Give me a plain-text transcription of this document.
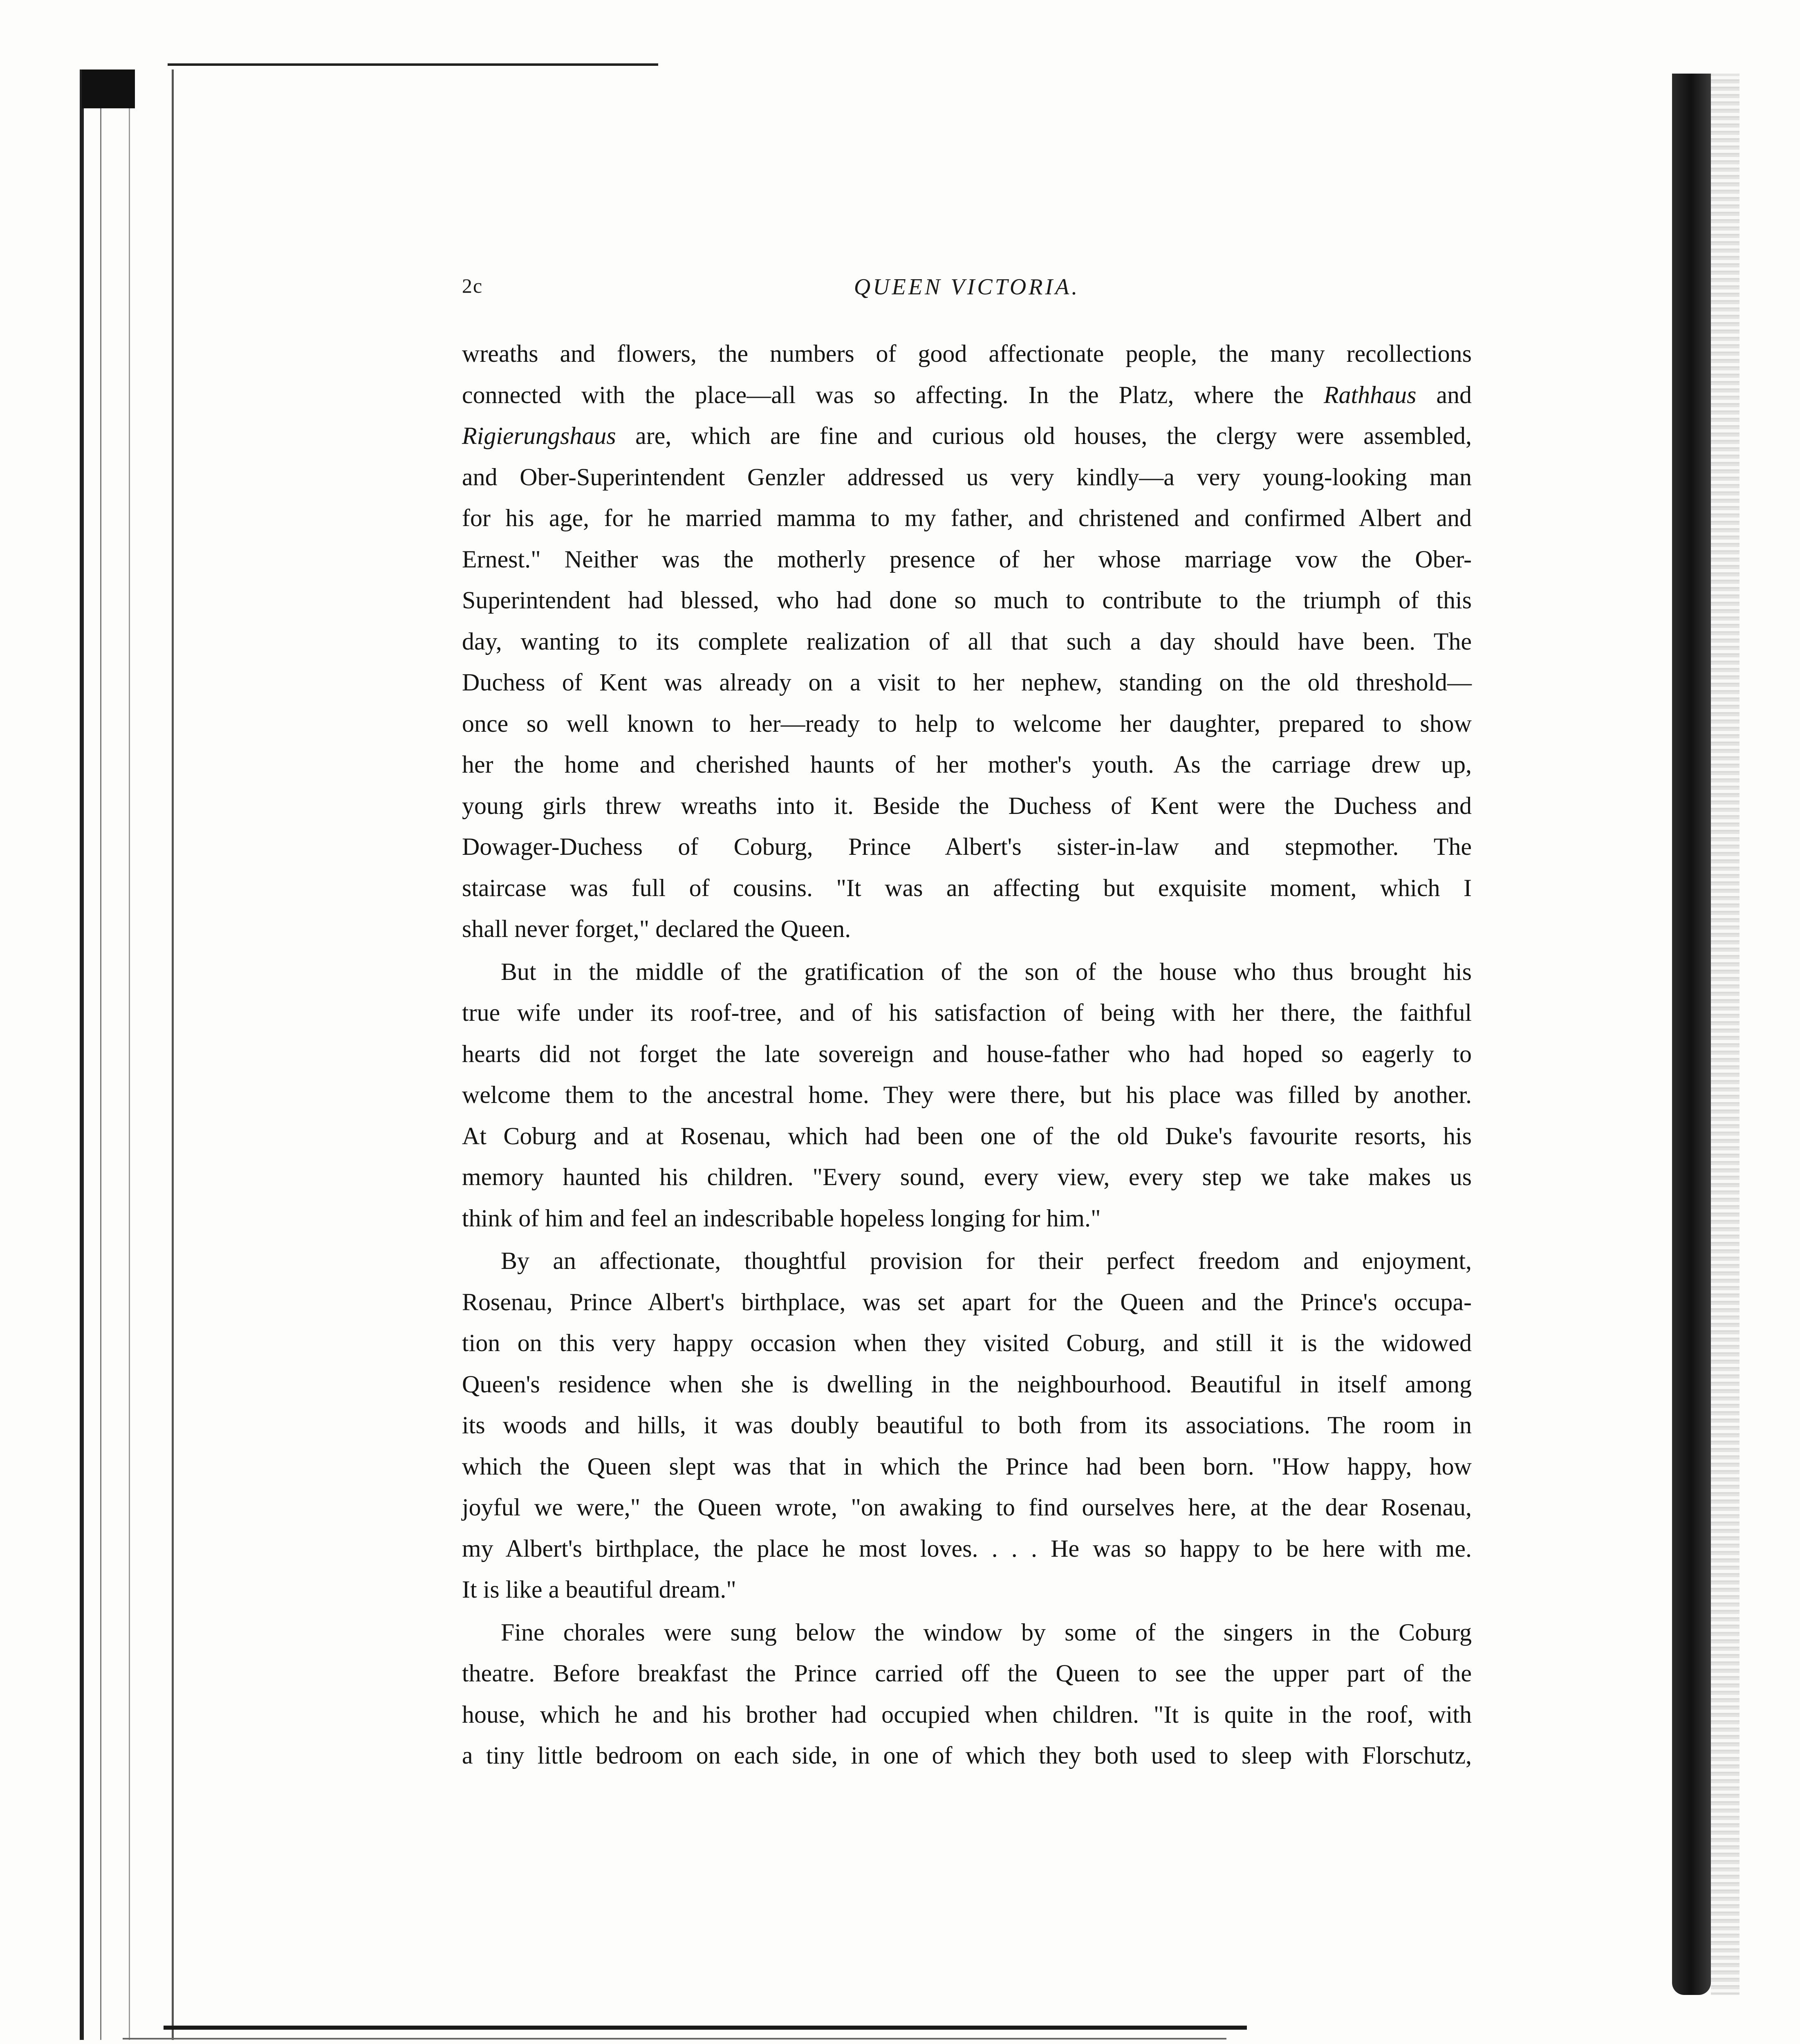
2c	QUEEN VICTORIA.
wreaths and flowers, the numbers of good affectionate people, the many recollections
connected with the place—all was so affecting. In the Platz, where the Rathhaus and
Rigierungshaus are, which are fine and curious old houses, the clergy were assembled,
and Ober-Superintendent Genzler addressed us very kindly—a very young-looking man
for his age, for he married mamma to my father, and christened and confirmed Albert and
Ernest." Neither was the motherly presence of her whose marriage vow the Ober-
Superintendent had blessed, who had done so much to contribute to the triumph of this
day, wanting to its complete realization of all that such a day should have been. The
Duchess of Kent was already on a visit to her nephew, standing on the old threshold—
once so well known to her—ready to help to welcome her daughter, prepared to show
her the home and cherished haunts of her mother's youth. As the carriage drew up,
young girls threw wreaths into it. Beside the Duchess of Kent were the Duchess and
Dowager-Duchess of Coburg, Prince Albert's sister-in-law and stepmother. The
staircase was full of cousins. "It was an affecting but exquisite moment, which I
shall never forget," declared the Queen.
But in the middle of the gratification of the son of the house who thus brought his
true wife under its roof-tree, and of his satisfaction of being with her there, the faithful
hearts did not forget the late sovereign and house-father who had hoped so eagerly to
welcome them to the ancestral home. They were there, but his place was filled by another.
At Coburg and at Rosenau, which had been one of the old Duke's favourite resorts, his
memory haunted his children. "Every sound, every view, every step we take makes us
think of him and feel an indescribable hopeless longing for him."
By an affectionate, thoughtful provision for their perfect freedom and enjoyment,
Rosenau, Prince Albert's birthplace, was set apart for the Queen and the Prince's occupa-
tion on this very happy occasion when they visited Coburg, and still it is the widowed
Queen's residence when she is dwelling in the neighbourhood. Beautiful in itself among
its woods and hills, it was doubly beautiful to both from its associations. The room in
which the Queen slept was that in which the Prince had been born. "How happy, how
joyful we were," the Queen wrote, "on awaking to find ourselves here, at the dear Rosenau,
my Albert's birthplace, the place he most loves. . . . He was so happy to be here with me.
It is like a beautiful dream."
Fine chorales were sung below the window by some of the singers in the Coburg
theatre. Before breakfast the Prince carried off the Queen to see the upper part of the
house, which he and his brother had occupied when children. "It is quite in the roof, with
a tiny little bedroom on each side, in one of which they both used to sleep with Florschutz,
